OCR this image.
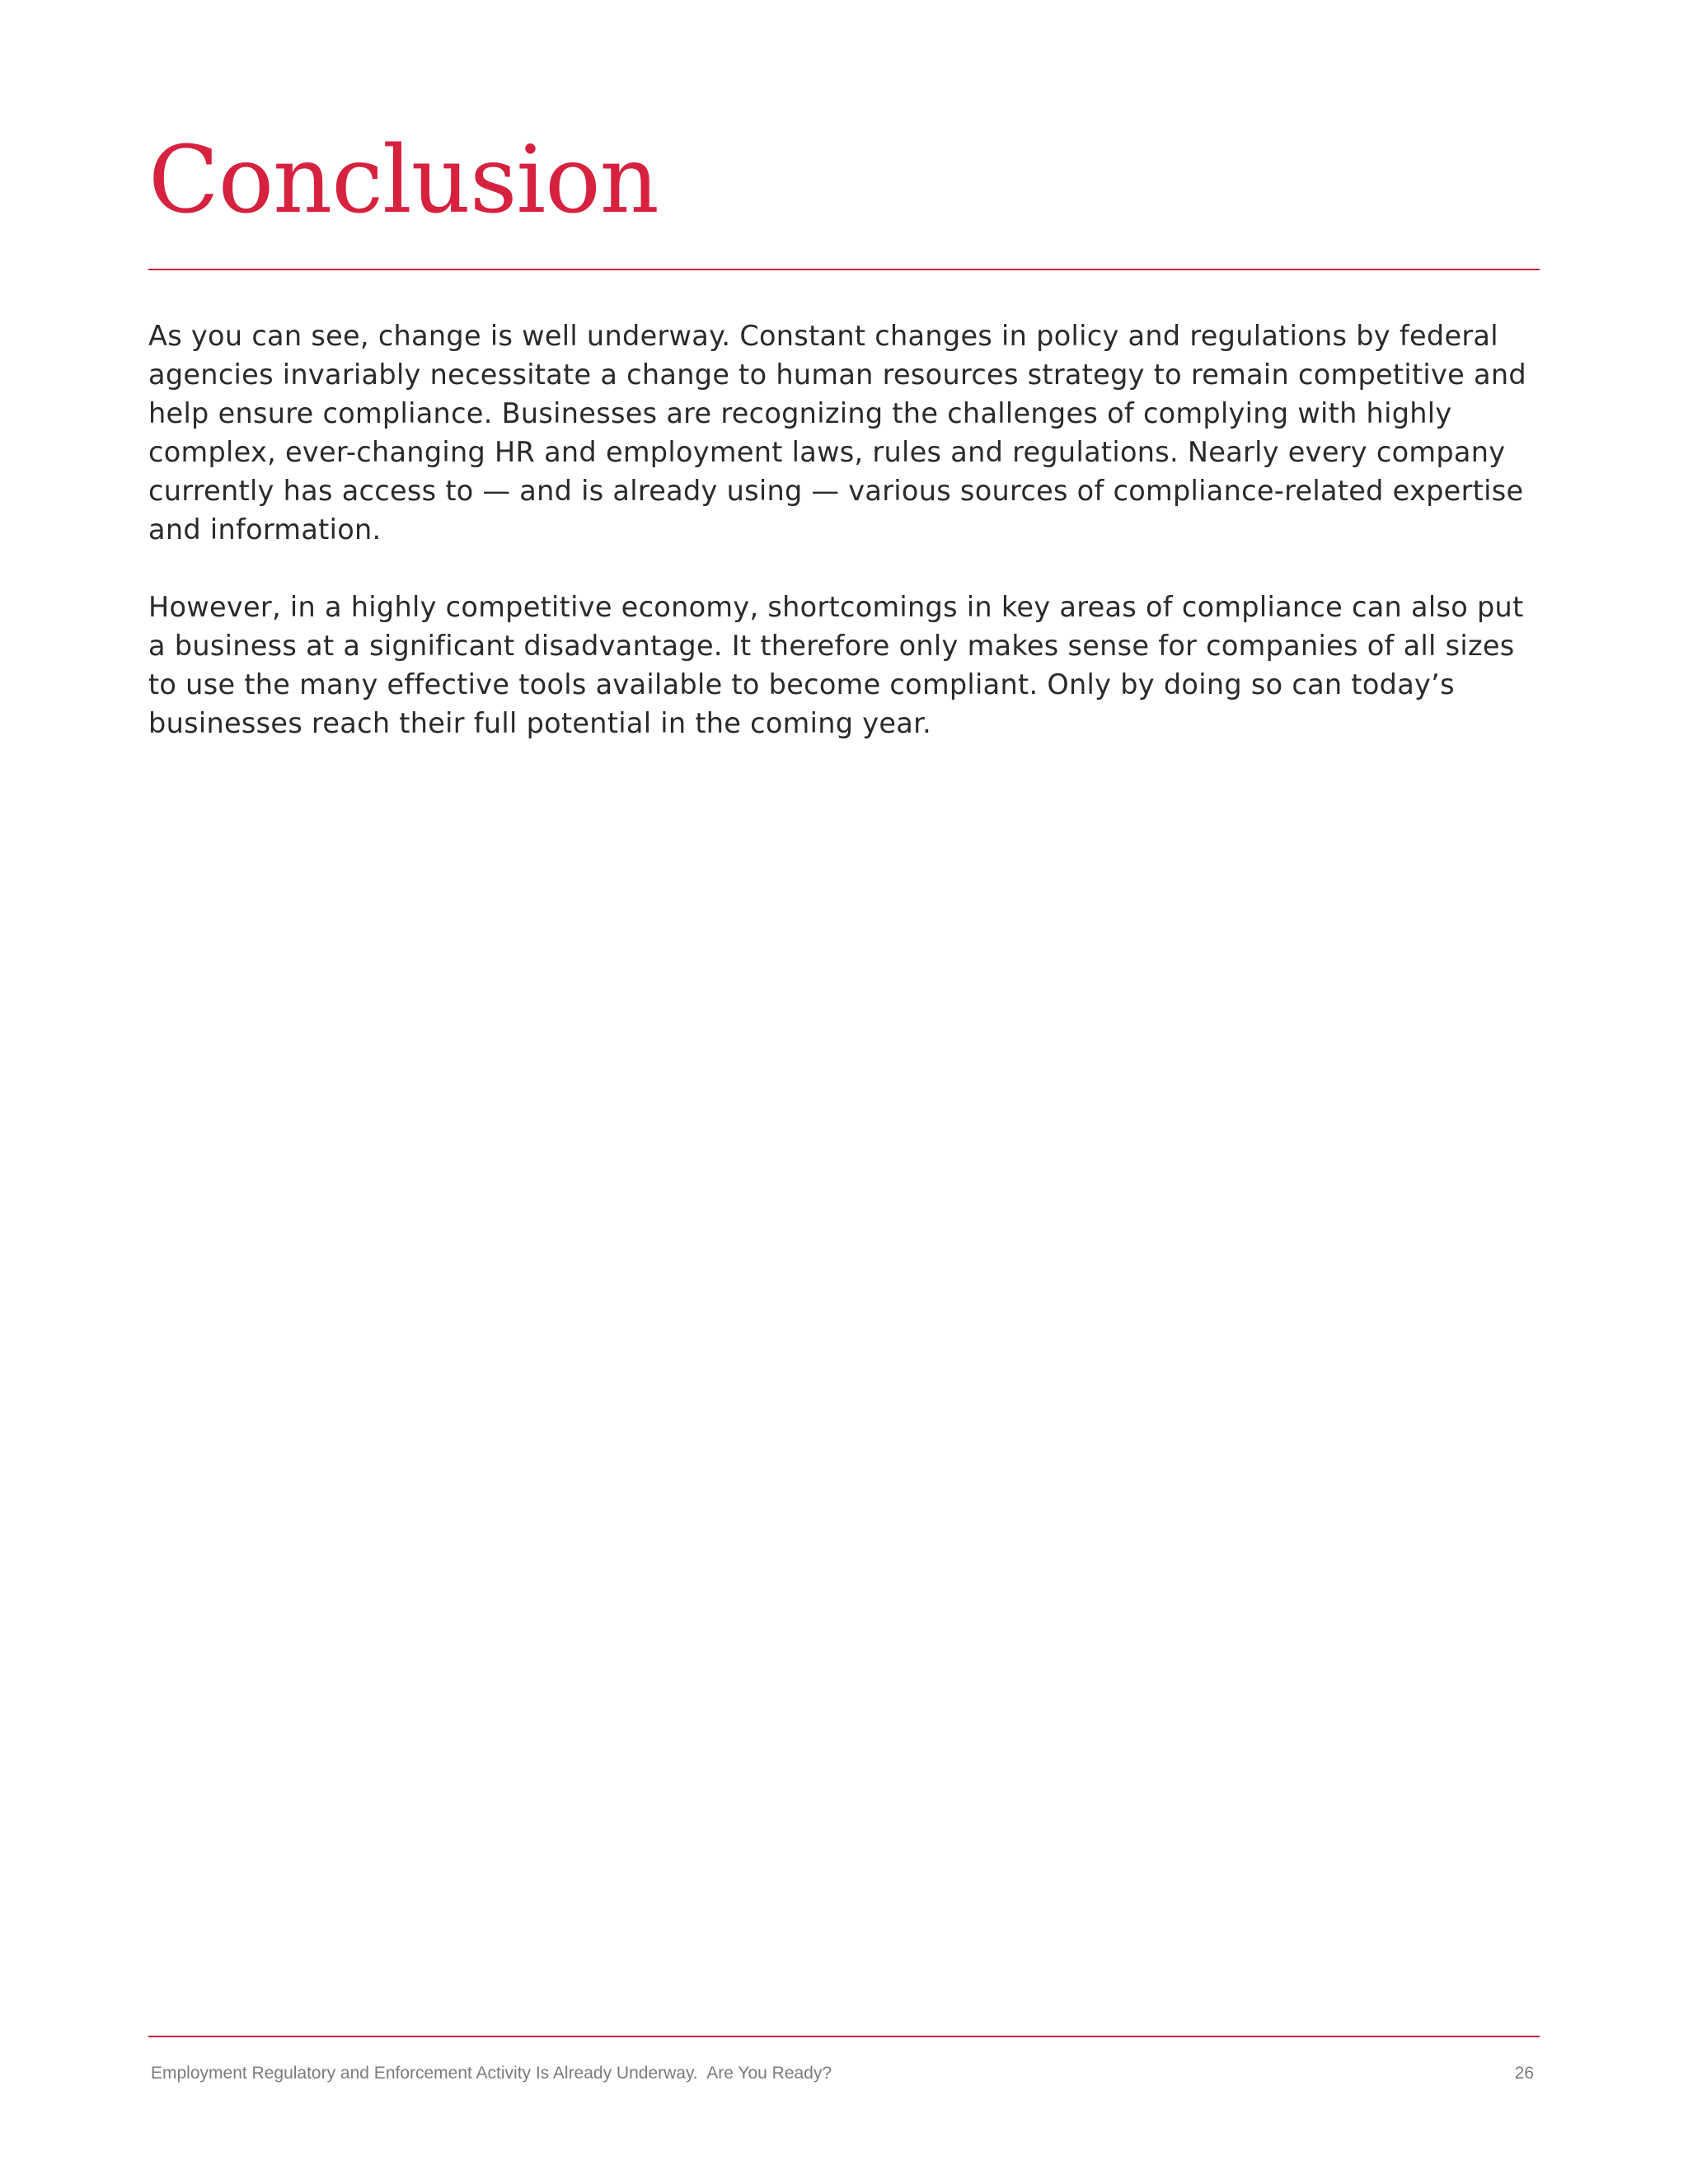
Conclusion

As you can see, change is well underway. Constant changes in policy and regulations by federal agencies invariably necessitate a change to human resources strategy to remain competitive and help ensure compliance. Businesses are recognizing the challenges of complying with highly complex, ever-changing HR and employment laws, rules and regulations. Nearly every company currently has access to — and is already using — various sources of compliance-related expertise and information.

However, in a highly competitive economy, shortcomings in key areas of compliance can also put a business at a significant disadvantage. It therefore only makes sense for companies of all sizes to use the many effective tools available to become compliant. Only by doing so can today’s businesses reach their full potential in the coming year.

Employment Regulatory and Enforcement Activity Is Already Underway.  Are You Ready?	26
